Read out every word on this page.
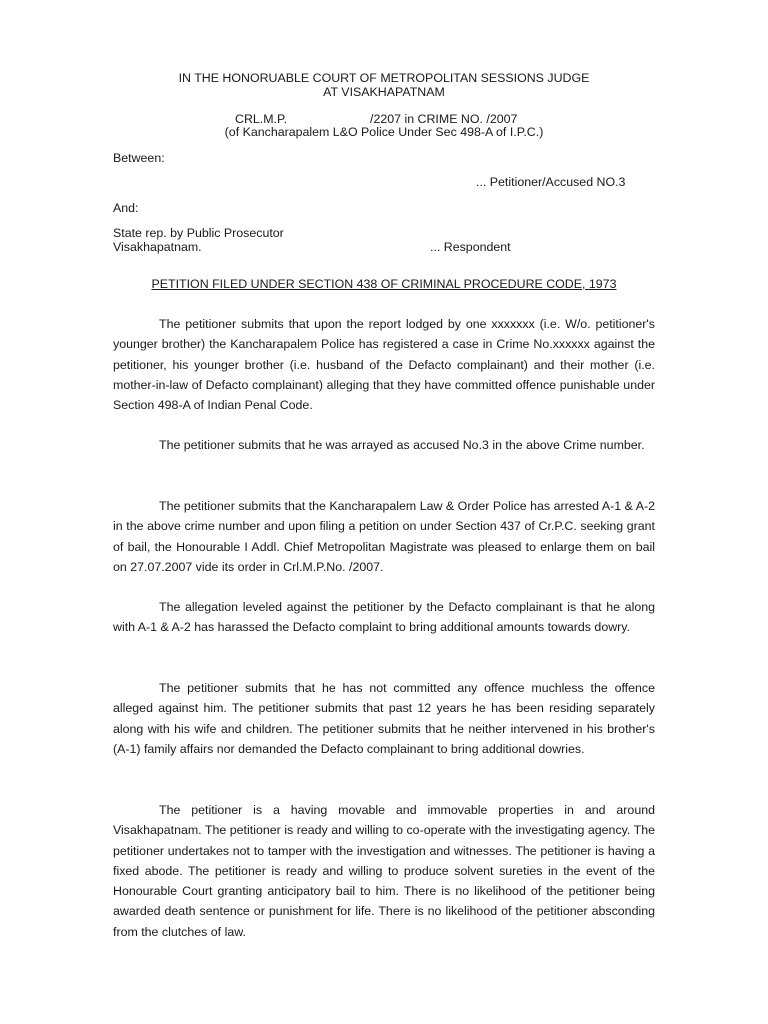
IN THE HONORUABLE COURT OF METROPOLITAN SESSIONS JUDGE
AT VISAKHAPATNAM
CRL.M.P.	/2207 in CRIME NO. /2007
(of Kancharapalem L&O Police Under Sec 498-A of I.P.C.)
Between:
... Petitioner/Accused NO.3
And:
State rep. by Public Prosecutor
Visakhapatnam.	... Respondent
PETITION FILED UNDER SECTION 438 OF CRIMINAL PROCEDURE CODE, 1973

The petitioner submits that upon the report lodged by one xxxxxxx (i.e. W/o. petitioner's younger brother) the Kancharapalem Police has registered a case in Crime No.xxxxxx against the petitioner, his younger brother (i.e. husband of the Defacto complainant) and their mother (i.e. mother-in-law of Defacto complainant) alleging that they have committed offence punishable under Section 498-A of Indian Penal Code.

The petitioner submits that he was arrayed as accused No.3 in the above Crime number.

The petitioner submits that the Kancharapalem Law & Order Police has arrested A-1 & A-2 in the above crime number and upon filing a petition on under Section 437 of Cr.P.C. seeking grant of bail, the Honourable I Addl. Chief Metropolitan Magistrate was pleased to enlarge them on bail on 27.07.2007 vide its order in Crl.M.P.No. /2007.

The allegation leveled against the petitioner by the Defacto complainant is that he along with A-1 & A-2 has harassed the Defacto complaint to bring additional amounts towards dowry.

The petitioner submits that he has not committed any offence muchless the offence alleged against him. The petitioner submits that past 12 years he has been residing separately along with his wife and children. The petitioner submits that he neither intervened in his brother's (A-1) family affairs nor demanded the Defacto complainant to bring additional dowries.

The petitioner is a having movable and immovable properties in and around Visakhapatnam. The petitioner is ready and willing to co-operate with the investigating agency. The petitioner undertakes not to tamper with the investigation and witnesses. The petitioner is having a fixed abode. The petitioner is ready and willing to produce solvent sureties in the event of the Honourable Court granting anticipatory bail to him. There is no likelihood of the petitioner being awarded death sentence or punishment for life. There is no likelihood of the petitioner absconding from the clutches of law.
